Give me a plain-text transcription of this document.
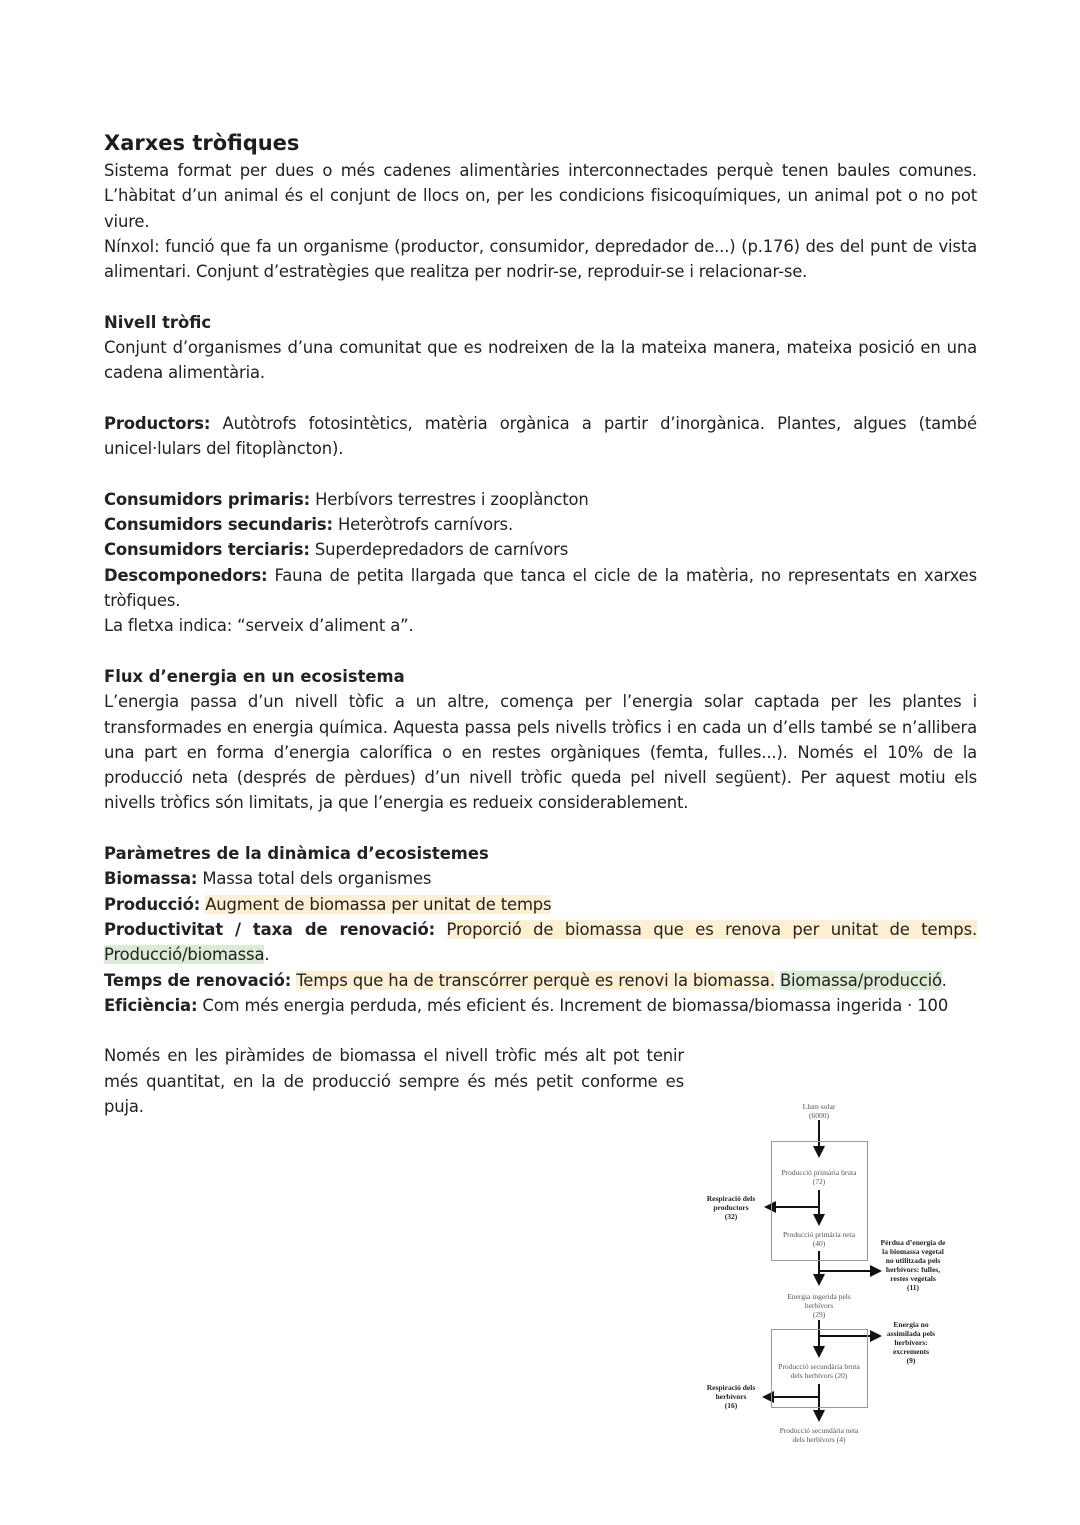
Xarxes tròfiques

Sistema format per dues o més cadenes alimentàries interconnectades perquè tenen baules comunes. L’hàbitat d’un animal és el conjunt de llocs on, per les condicions fisicoquímiques, un animal pot o no pot viure.

Nínxol: funció que fa un organisme (productor, consumidor, depredador de...) (p.176) des del punt de vista alimentari. Conjunt d’estratègies que realitza per nodrir-se, reproduir-se i relacionar-se.

Nivell tròfic

Conjunt d’organismes d’una comunitat que es nodreixen de la la mateixa manera, mateixa posició en una cadena alimentària.

Productors: Autòtrofs fotosintètics, matèria orgànica a partir d’inorgànica. Plantes, algues (també unicel·lulars del fitoplàncton).

Consumidors primaris: Herbívors terrestres i zooplàncton

Consumidors secundaris: Heteròtrofs carnívors.

Consumidors terciaris: Superdepredadors de carnívors

Descomponedors: Fauna de petita llargada que tanca el cicle de la matèria, no representats en xarxes tròfiques.

La fletxa indica: “serveix d’aliment a”.

Flux d’energia en un ecosistema

L’energia passa d’un nivell tòfic a un altre, comença per l’energia solar captada per les plantes i transformades en energia química. Aquesta passa pels nivells tròfics i en cada un d’ells també se n’allibera una part en forma d’energia calorífica o en restes orgàniques (femta, fulles...). Només el 10% de la producció neta (després de pèrdues) d’un nivell tròfic queda pel nivell següent). Per aquest motiu els nivells tròfics són limitats, ja que l’energia es redueix considerablement.

Paràmetres de la dinàmica d’ecosistemes

Biomassa: Massa total dels organismes

Producció: Augment de biomassa per unitat de temps

Productivitat / taxa de renovació: Proporció de biomassa que es renova per unitat de temps. Producció/biomassa.

Temps de renovació: Temps que ha de transcórrer perquè es renovi la biomassa. Biomassa/producció.

Eficiència: Com més energia perduda, més eficient és. Increment de biomassa/biomassa ingerida · 100

Només en les piràmides de biomassa el nivell tròfic més alt pot tenir més quantitat, en la de producció sempre és més petit conforme es puja.	Llum solar
(6000)
Producció primària bruta
(72)
Respiració dels productors
(32)
Producció primària neta
(40)	Pèrdua d’energia de la biomassa vegetal no utilitzada pels herbívors: fulles, restes vegetals
(11)
Energia ingerida pels herbívors
(29)
Energia no assimilada pels herbívors: excrements
(9)
Producció secundària bruta dels herbívors (20)
Respiració dels herbívors
(16)
Producció secundària neta dels herbívors (4)
